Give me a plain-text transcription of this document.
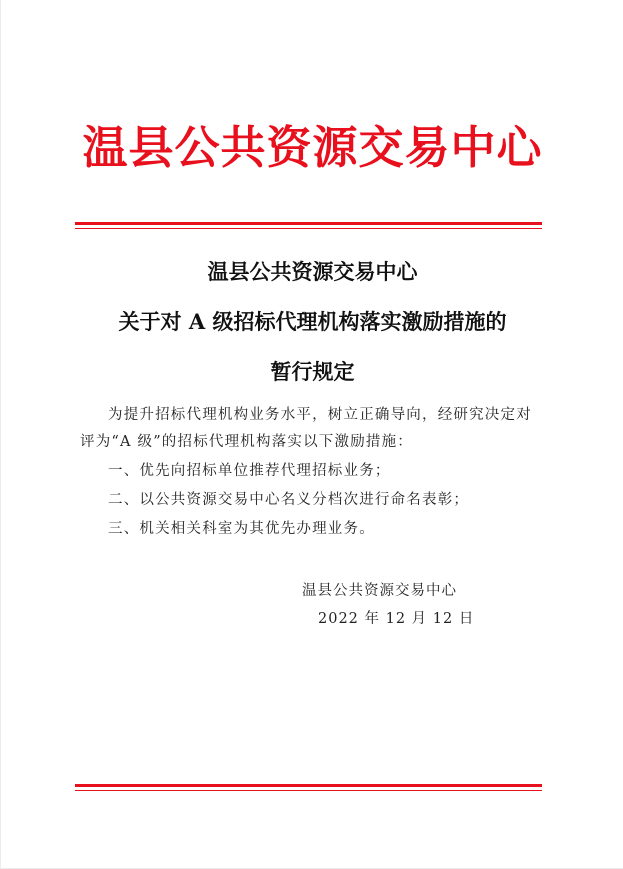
温县公共资源交易中心
温县公共资源交易中心
关于对 A 级招标代理机构落实激励措施的
暂行规定
为提升招标代理机构业务水平，树立正确导向，经研究决定对
评为“A 级”的招标代理机构落实以下激励措施：
一、优先向招标单位推荐代理招标业务；
二、以公共资源交易中心名义分档次进行命名表彰；
三、机关相关科室为其优先办理业务。
温县公共资源交易中心
2022 年 12 月 12 日
